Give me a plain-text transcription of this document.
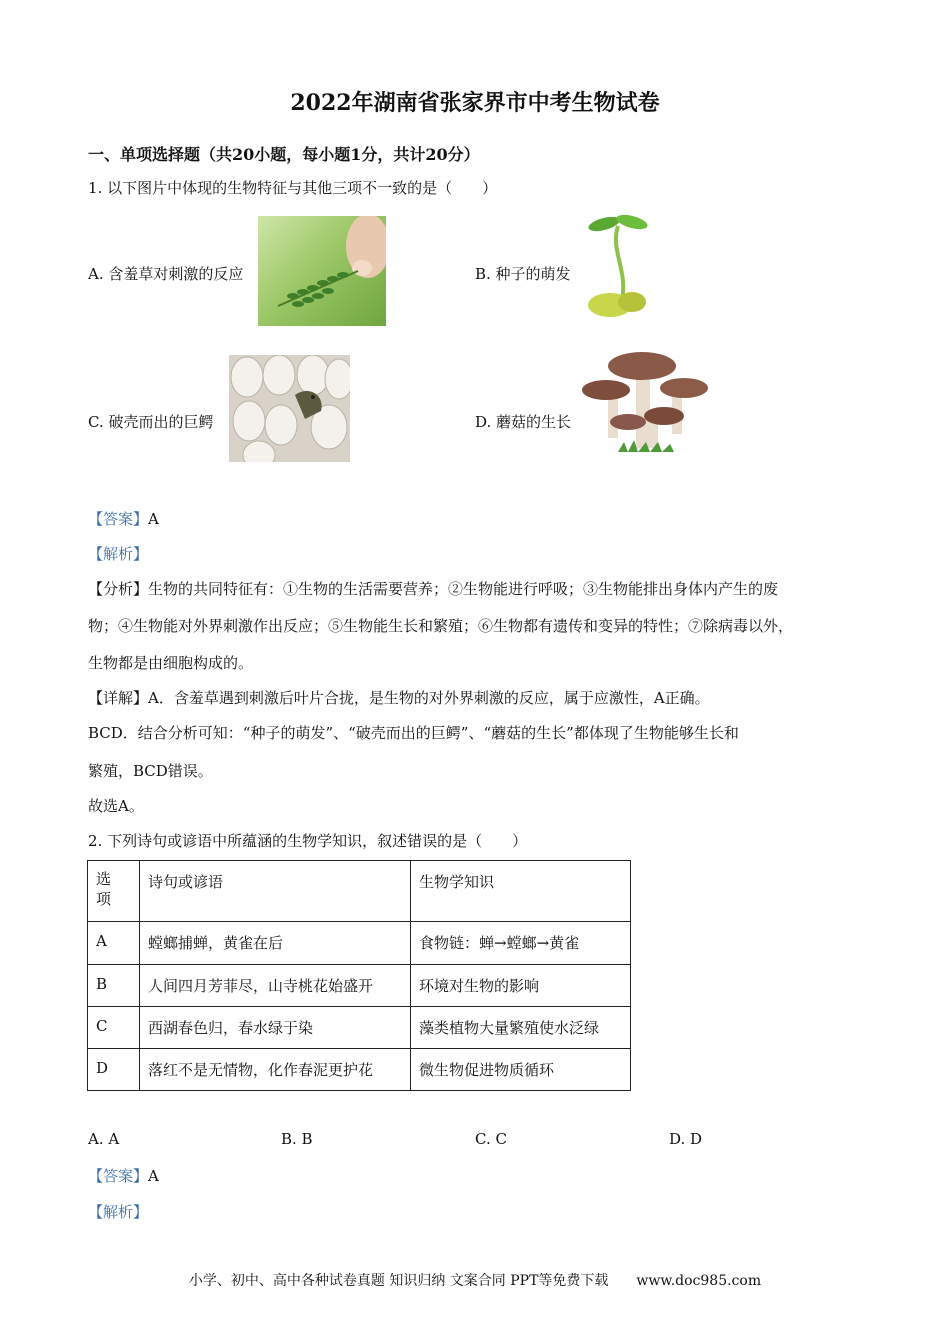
2022年湖南省张家界市中考生物试卷
一、单项选择题（共20小题，每小题1分，共计20分）
1. 以下图片中体现的生物特征与其他三项不一致的是（　　）
A. 含羞草对刺激的反应	B. 种子的萌发
C. 破壳而出的巨鳄	D. 蘑菇的生长
【答案】A
【解析】
【分析】生物的共同特征有：①生物的生活需要营养；②生物能进行呼吸；③生物能排出身体内产生的废
物；④生物能对外界刺激作出反应；⑤生物能生长和繁殖；⑥生物都有遗传和变异的特性；⑦除病毒以外，
生物都是由细胞构成的。
【详解】A．含羞草遇到刺激后叶片合拢，是生物的对外界刺激的反应，属于应激性，A正确。
BCD．结合分析可知：“种子的萌发”、“破壳而出的巨鳄”、“蘑菇的生长”都体现了生物能够生长和
繁殖，BCD错误。
故选A。
2. 下列诗句或谚语中所蕴涵的生物学知识，叙述错误的是（　　）
选项	诗句或谚语	生物学知识
A	螳螂捕蝉，黄雀在后	食物链：蝉→螳螂→黄雀
B	人间四月芳菲尽，山寺桃花始盛开	环境对生物的影响
C	西湖春色归，春水绿于染	藻类植物大量繁殖使水泛绿
D	落红不是无情物，化作春泥更护花	微生物促进物质循环
A. A	B. B	C. C	D. D
【答案】A
【解析】
小学、初中、高中各种试卷真题 知识归纳 文案合同 PPT等免费下载　　www.doc985.com
